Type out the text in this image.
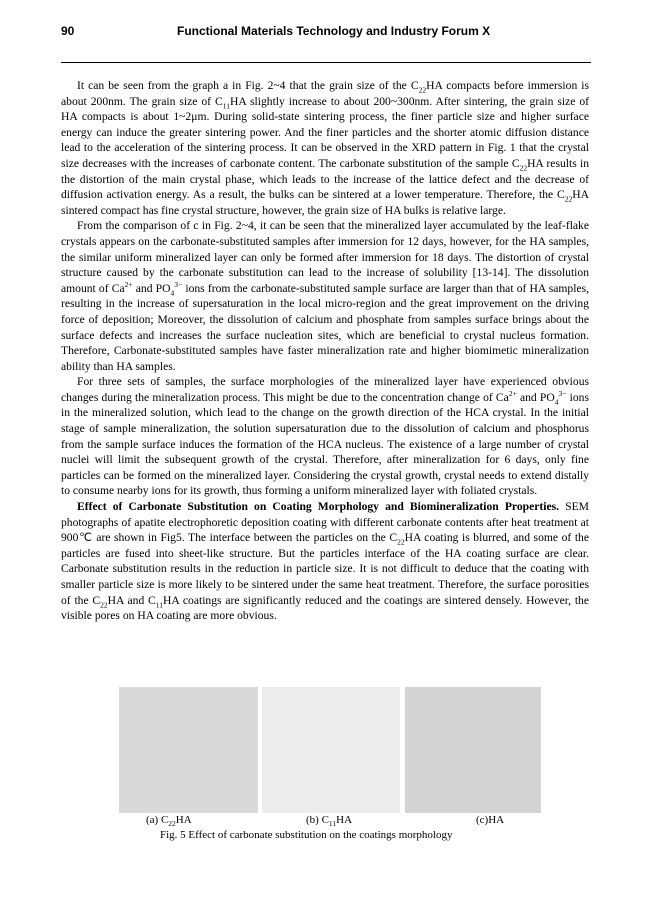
90	Functional Materials Technology and Industry Forum X

It can be seen from the graph a in Fig. 2~4 that the grain size of the $C_{22}HA$ compacts before immersion is about 200nm. The grain size of $C_{11}HA$ slightly increase to about 200~300nm. After sintering, the grain size of HA compacts is about 1~2μm. During solid-state sintering process, the finer particle size and higher surface energy can induce the greater sintering power. And the finer particles and the shorter atomic diffusion distance lead to the acceleration of the sintering process. It can be observed in the XRD pattern in Fig. 1 that the crystal size decreases with the increases of carbonate content. The carbonate substitution of the sample $C_{22}HA$ results in the distortion of the main crystal phase, which leads to the increase of the lattice defect and the decrease of diffusion activation energy. As a result, the bulks can be sintered at a lower temperature. Therefore, the $C_{22}HA$ sintered compact has fine crystal structure, however, the grain size of HA bulks is relative large.

From the comparison of c in Fig. 2~4, it can be seen that the mineralized layer accumulated by the leaf-flake crystals appears on the carbonate-substituted samples after immersion for 12 days, however, for the HA samples, the similar uniform mineralized layer can only be formed after immersion for 18 days. The distortion of crystal structure caused by the carbonate substitution can lead to the increase of solubility [13-14]. The dissolution amount of $Ca^{2+}$ and $PO_4^{3-}$ ions from the carbonate-substituted sample surface are larger than that of HA samples, resulting in the increase of supersaturation in the local micro-region and the great improvement on the driving force of deposition; Moreover, the dissolution of calcium and phosphate from samples surface brings about the surface defects and increases the surface nucleation sites, which are beneficial to crystal nucleus formation. Therefore, Carbonate-substituted samples have faster mineralization rate and higher biomimetic mineralization ability than HA samples.

For three sets of samples, the surface morphologies of the mineralized layer have experienced obvious changes during the mineralization process. This might be due to the concentration change of $Ca^{2+}$ and $PO_4^{3-}$ ions in the mineralized solution, which lead to the change on the growth direction of the HCA crystal. In the initial stage of sample mineralization, the solution supersaturation due to the dissolution of calcium and phosphorus from the sample surface induces the formation of the HCA nucleus. The existence of a large number of crystal nuclei will limit the subsequent growth of the crystal. Therefore, after mineralization for 6 days, only fine particles can be formed on the mineralized layer. Considering the crystal growth, crystal needs to extend distally to consume nearby ions for its growth, thus forming a uniform mineralized layer with foliated crystals.

Effect of Carbonate Substitution on Coating Morphology and Biomineralization Properties. SEM photographs of apatite electrophoretic deposition coating with different carbonate contents after heat treatment at 900℃ are shown in Fig5. The interface between the particles on the $C_{22}HA$ coating is blurred, and some of the particles are fused into sheet-like structure. But the particles interface of the HA coating surface are clear. Carbonate substitution results in the reduction in particle size. It is not difficult to deduce that the coating with smaller particle size is more likely to be sintered under the same heat treatment. Therefore, the surface porosities of the $C_{22}HA$ and $C_{11}HA$ coatings are significantly reduced and the coatings are sintered densely. However, the visible pores on HA coating are more obvious.

(a) $C_{22}HA$	(b) $C_{11}HA$	(c)HA
Fig. 5 Effect of carbonate substitution on the coatings morphology
